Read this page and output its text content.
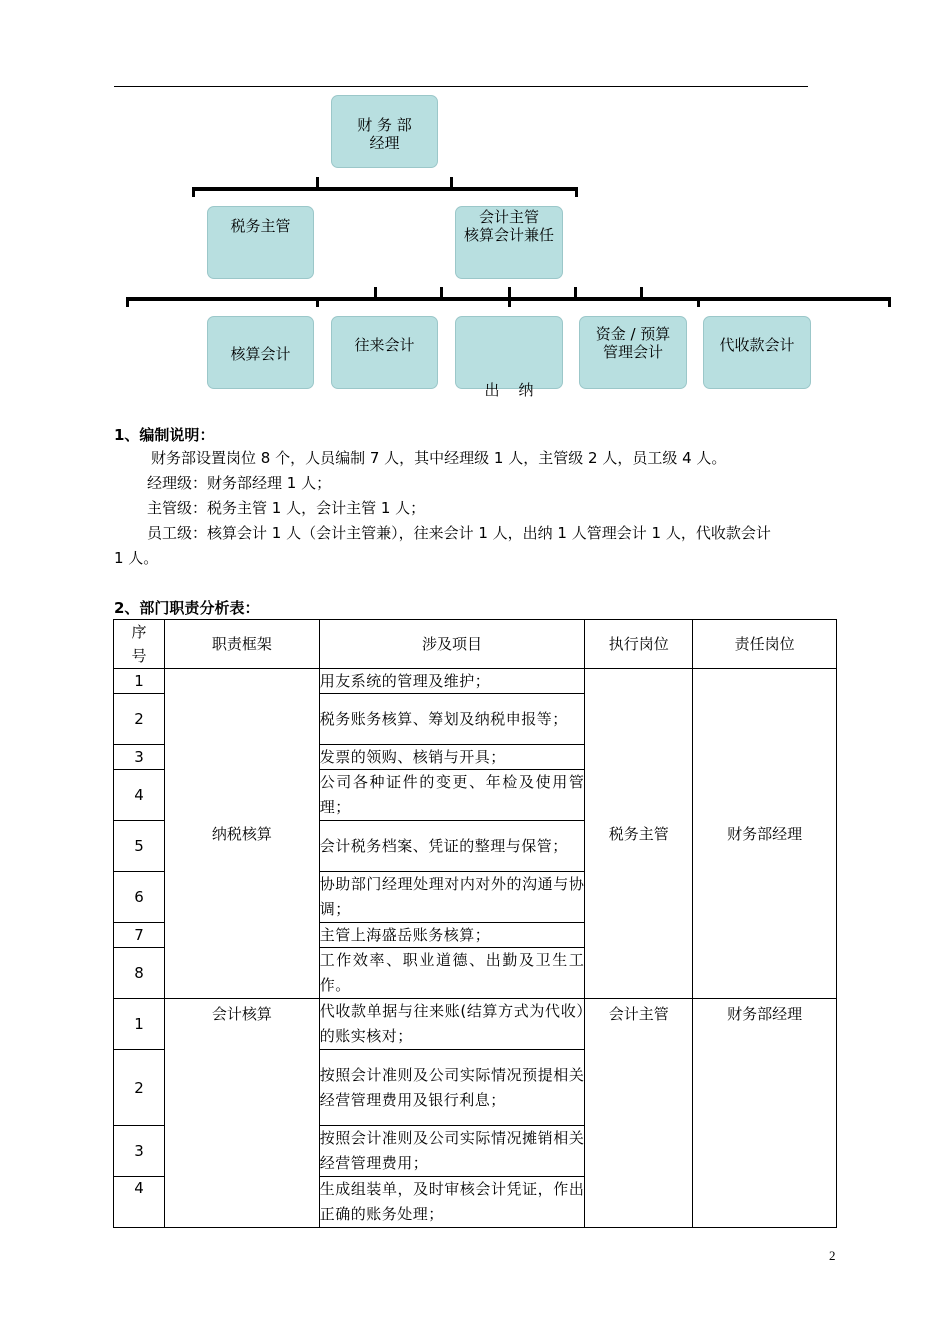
财 务 部
经理
税务主管	会计主管
核算会计兼任
核算会计	往来会计

出    纳

资金 / 预算
管理会计	代收款会计
1、编制说明：
财务部设置岗位 8 个，人员编制 7 人，其中经理级 1 人，主管级 2 人，员工级 4 人。
经理级：财务部经理 1 人；
主管级：税务主管 1 人，会计主管 1 人；
员工级：核算会计 1 人（会计主管兼），往来会计 1 人，出纳 1 人管理会计 1 人，代收款会计
1 人。
2、部门职责分析表：
序号	职责框架	涉及项目	执行岗位	责任岗位
1	纳税核算	用友系统的管理及维护；	税务主管	财务部经理
2		税务账务核算、筹划及纳税申报等；		
3		发票的领购、核销与开具；		
4		公司各种证件的变更、年检及使用管理；		
5		会计税务档案、凭证的整理与保管；		
6		协助部门经理处理对内对外的沟通与协调；		
7		主管上海盛岳账务核算；		
8		工作效率、职业道德、出勤及卫生工作。		
1	会计核算	代收款单据与往来账(结算方式为代收）的账实核对；	会计主管	财务部经理
2		按照会计准则及公司实际情况预提相关经营管理费用及银行利息；		
3		按照会计准则及公司实际情况摊销相关经营管理费用；		
4		生成组装单，及时审核会计凭证，作出正确的账务处理；		
2
